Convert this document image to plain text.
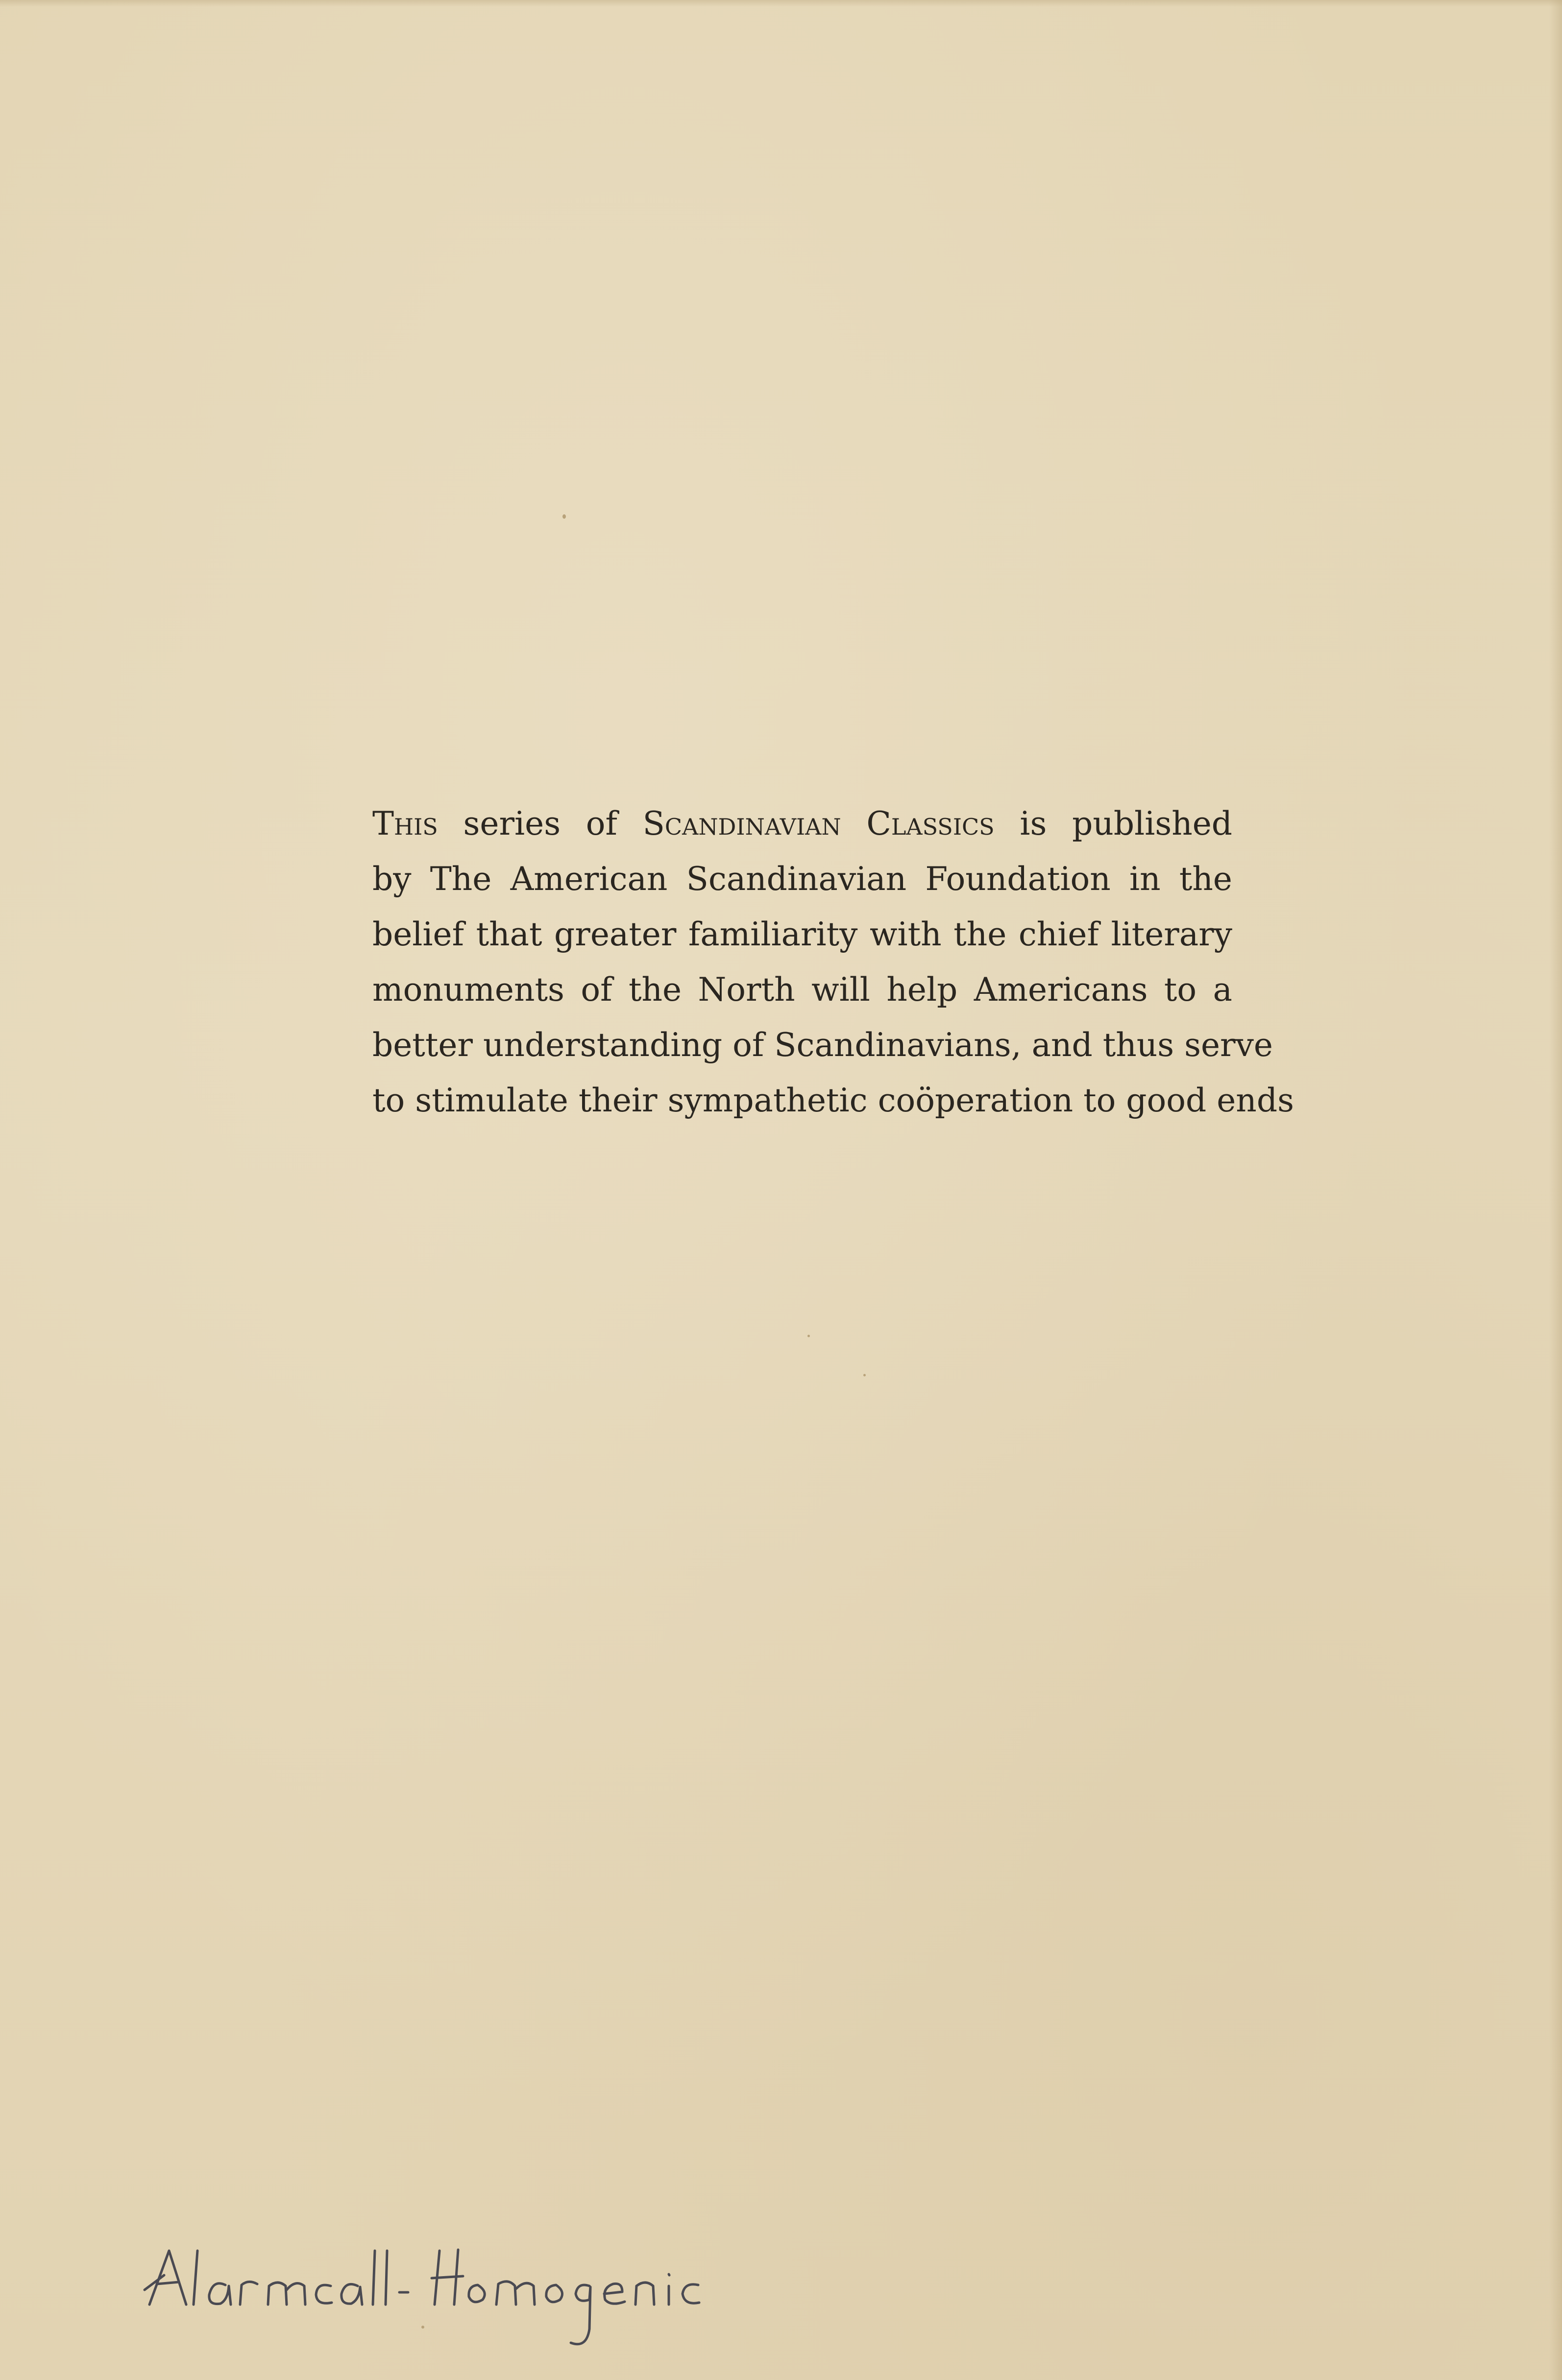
This series of Scandinavian Classics is published
by The American Scandinavian Foundation in the
belief that greater familiarity with the chief literary
monuments of the North will help Americans to a
better understanding of Scandinavians, and thus serve
to stimulate their sympathetic coöperation to good ends
